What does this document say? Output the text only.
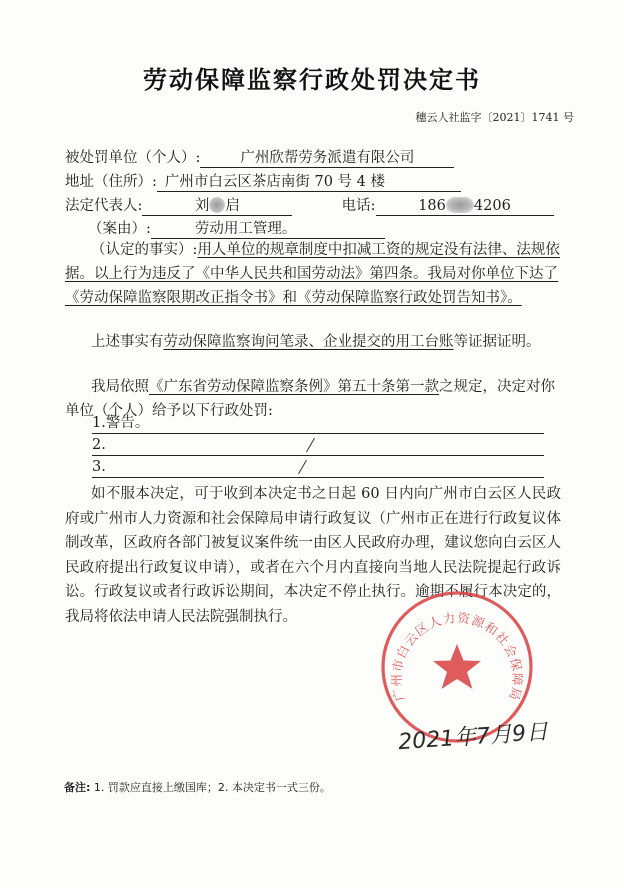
劳动保障监察行政处罚决定书
穗云人社监字〔2021〕1741 号
被处罚单位（个人）:	广州欣帮劳务派遣有限公司
地址（住所）: 广州市白云区茶店南街 70 号 4 楼
法定代表人:	刘 启	电话:	186 4206
（案由）:	劳动用工管理。
（认定的事实）:用人单位的规章制度中扣减工资的规定没有法律、法规依据。以上行为违反了《中华人民共和国劳动法》第四条。我局对你单位下达了《劳动保障监察限期改正指令书》和《劳动保障监察行政处罚告知书》。
上述事实有劳动保障监察询问笔录、企业提交的用工台账等证据证明。
我局依照《广东省劳动保障监察条例》第五十条第一款之规定，决定对你单位（个人）给予以下行政处罚:
1.警告。
2.
3.
如不服本决定，可于收到本决定书之日起 60 日内向广州市白云区人民政府或广州市人力资源和社会保障局申请行政复议（广州市正在进行行政复议体制改革，区政府各部门被复议案件统一由区人民政府办理，建议您向白云区人民政府提出行政复议申请），或者在六个月内直接向当地人民法院提起行政诉讼。行政复议或者行政诉讼期间，本决定不停止执行。逾期不履行本决定的，我局将依法申请人民法院强制执行。
广州市白云区人力资源和社会保障局
2021年7月9日
备注: 1. 罚款应直接上缴国库；2. 本决定书一式三份。
